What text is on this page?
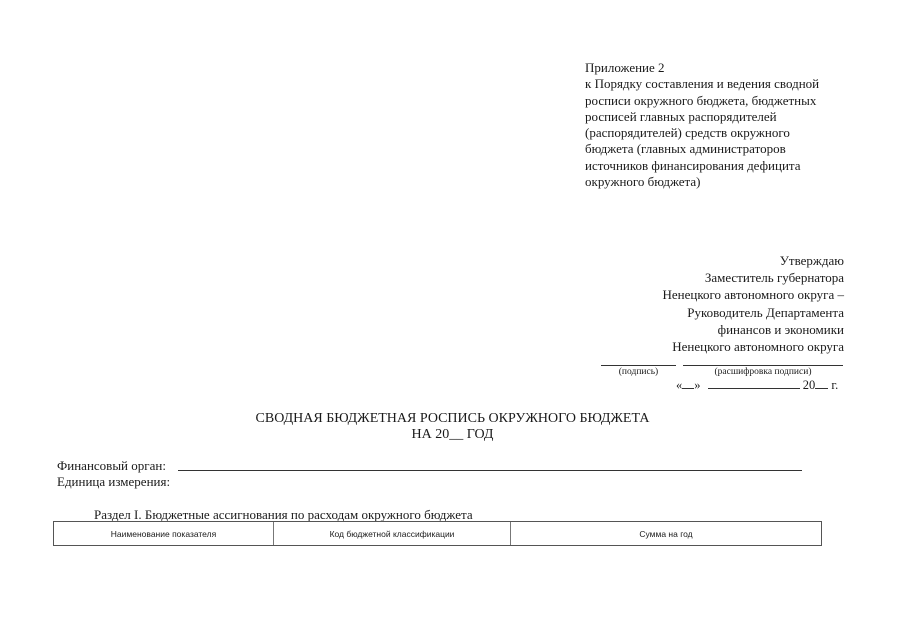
Приложение 2
к Порядку составления и ведения сводной
росписи окружного бюджета, бюджетных
росписей главных распорядителей
(распорядителей) средств окружного
бюджета (главных администраторов
источников финансирования дефицита
окружного бюджета)
Утверждаю
Заместитель губернатора
Ненецкого автономного округа –
Руководитель Департамента
финансов и экономики
Ненецкого автономного округа
(подпись)	(расшифровка подписи)
« »	20 г.
СВОДНАЯ БЮДЖЕТНАЯ РОСПИСЬ ОКРУЖНОГО БЮДЖЕТА
НА 20__ ГОД
Финансовый орган:
Единица измерения:
Раздел I. Бюджетные ассигнования по расходам окружного бюджета
Наименование показателя	Код бюджетной классификации	Сумма на год
